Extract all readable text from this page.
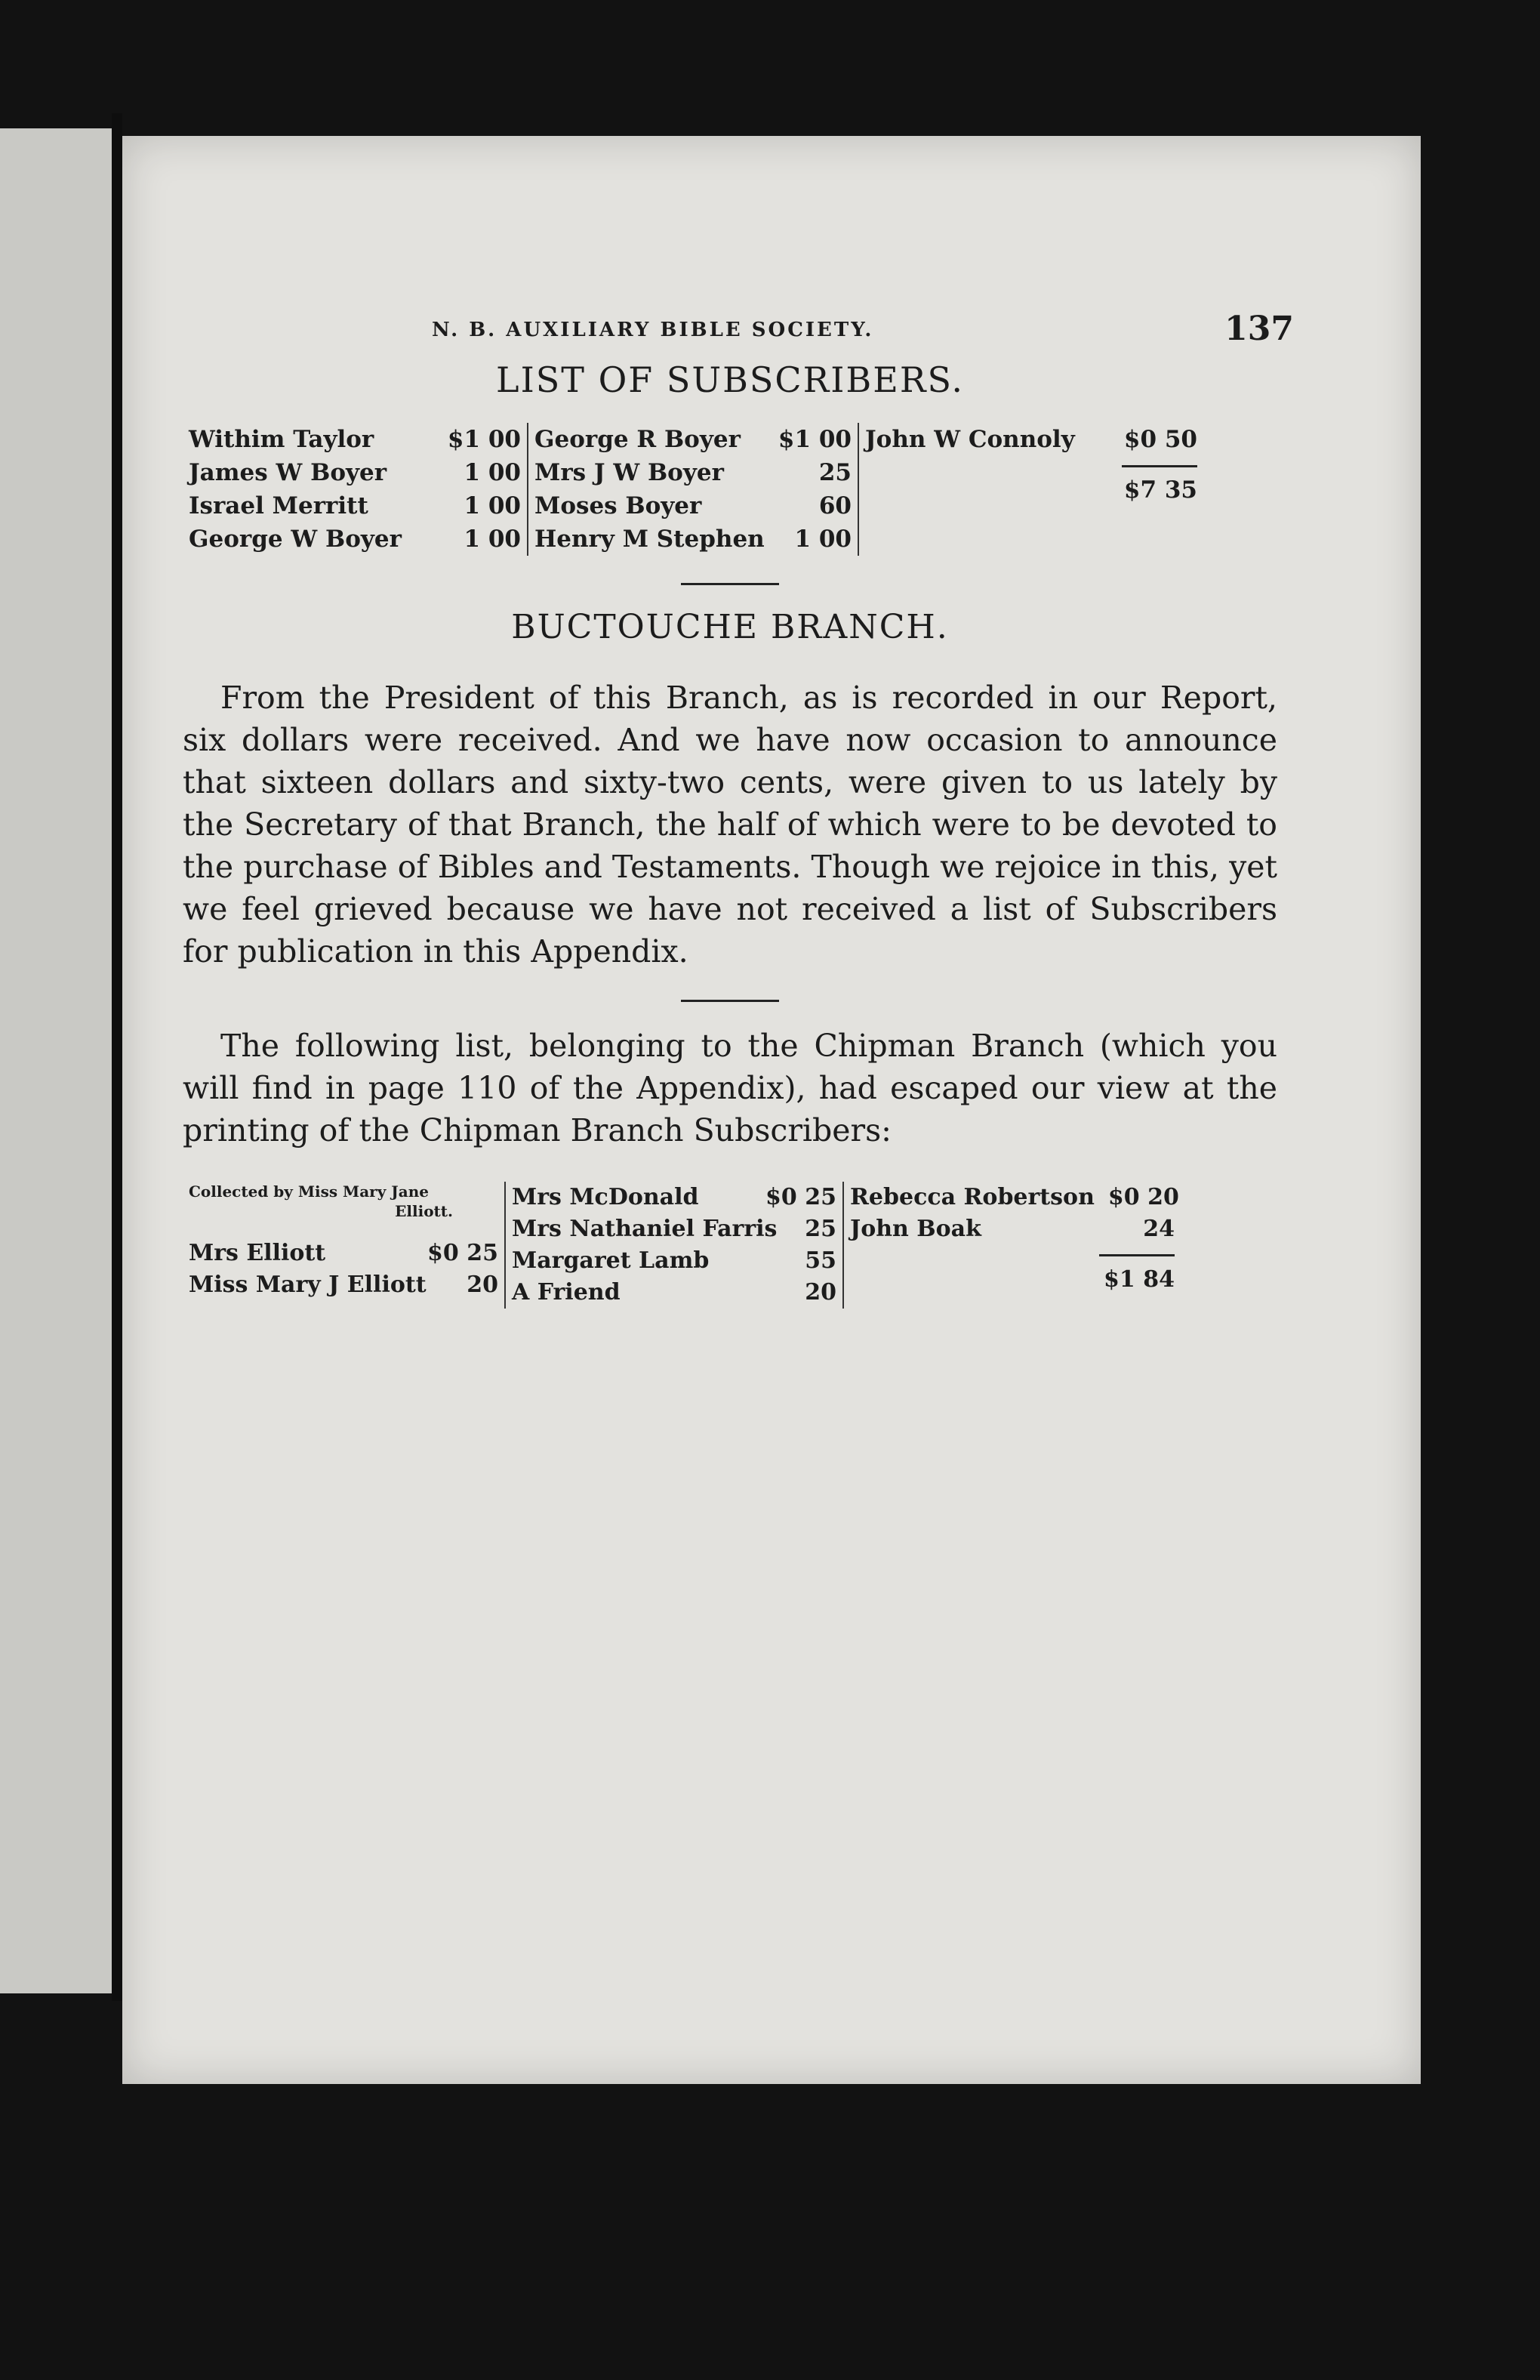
N. B. AUXILIARY BIBLE SOCIETY.	137
LIST OF SUBSCRIBERS.
Withim Taylor	$1 00
James W Boyer	1 00
Israel Merritt	1 00
George W Boyer	1 00
George R Boyer $1 00
Mrs J W Boyer	25
Moses Boyer	60
Henry M Stephen 1 00
John W Connoly $0 50
$7 35
BUCTOUCHE BRANCH.

From the President of this Branch, as is recorded in our Report, six dollars were received. And we have now occasion to announce that sixteen dollars and sixty-two cents, were given to us lately by the Secretary of that Branch, the half of which were to be devoted to the purchase of Bibles and Testaments. Though we rejoice in this, yet we feel grieved because we have not received a list of Subscribers for publication in this Appendix.

The following list, belonging to the Chipman Branch (which you will find in page 110 of the Appendix), had escaped our view at the printing of the Chipman Branch Subscribers:

Collected by Miss Mary Jane
Elliott.
Mrs Elliott	$0 25
Miss Mary J Elliott 20
Mrs McDonald	$0 25
Mrs Nathaniel Farris 25
Margaret Lamb	55
A Friend	20
Rebecca Robertson $0 20
John Boak	24
$1 84
